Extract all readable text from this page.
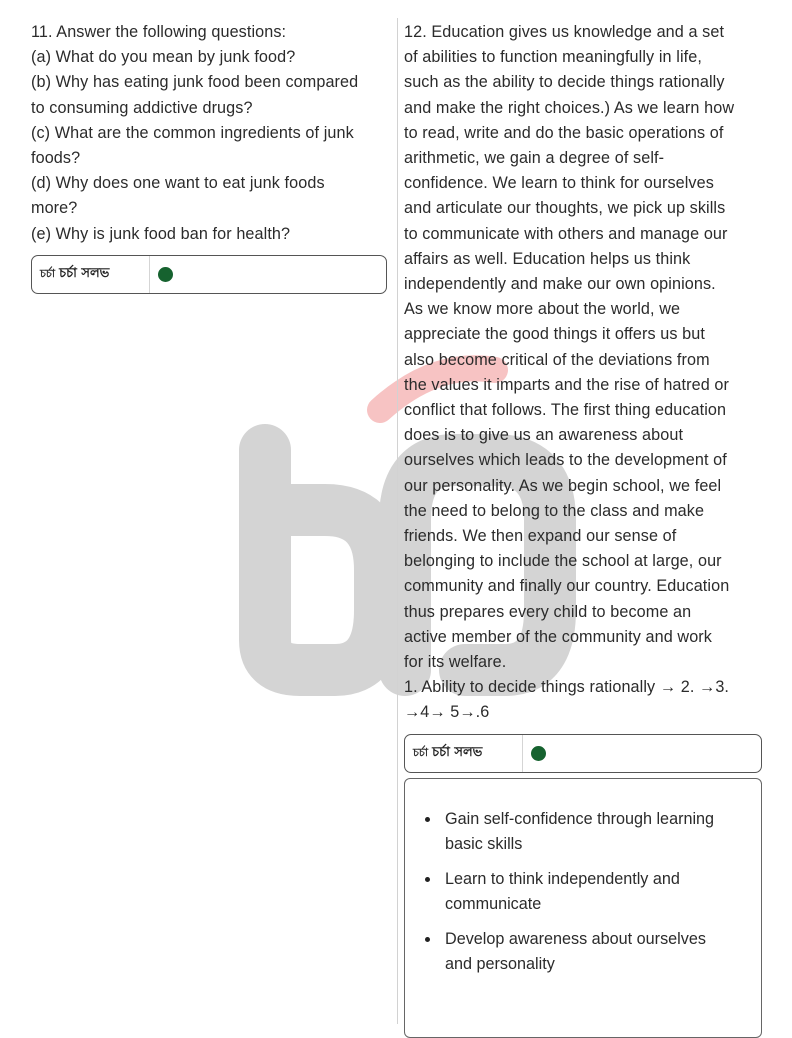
11. Answer the following questions:
(a) What do you mean by junk food?
(b) Why has eating junk food been compared
to consuming addictive drugs?
(c) What are the common ingredients of junk
foods?
(d) Why does one want to eat junk foods
more?
(e) Why is junk food ban for health?
চর্চা চর্চা সলভ
12. Education gives us knowledge and a set
of abilities to function meaningfully in life,
such as the ability to decide things rationally
and make the right choices.) As we learn how
to read, write and do the basic operations of
arithmetic, we gain a degree of self-
confidence. We learn to think for ourselves
and articulate our thoughts, we pick up skills
to communicate with others and manage our
affairs as well. Education helps us think
independently and make our own opinions.
As we know more about the world, we
appreciate the good things it offers us but
also become critical of the deviations from
the values it imparts and the rise of hatred or
conflict that follows. The first thing education
does is to give us an awareness about
ourselves which leads to the development of
our personality. As we begin school, we feel
the need to belong to the class and make
friends. We then expand our sense of
belonging to include the school at large, our
community and finally our country. Education
thus prepares every child to become an
active member of the community and work
for its welfare.
1. Ability to decide things rationally → 2. →3.
→4→ 5→.6
চর্চা চর্চা সলভ
Gain self-confidence through learning
basic skills
Learn to think independently and
communicate
Develop awareness about ourselves
and personality
